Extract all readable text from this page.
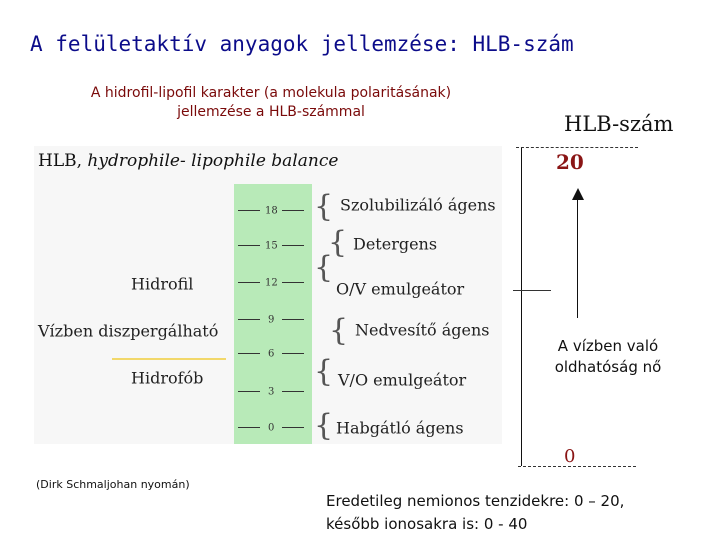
A felületaktív anyagok jellemzése: HLB-szám
A hidrofil-lipofil karakter (a molekula polaritásának) jellemzése a HLB-számmal
HLB, hydrophile- lipophile balance
18
15
12
9
6
3
0
Hidrofil
Vízben diszpergálható
Hidrofób
{ Szolubilizáló ágens
{ Detergens
{
O/V emulgeátor
{ Nedvesítő ágens
{ V/O emulgeátor
{ Habgátló ágens
(Dirk Schmaljohan nyomán)
HLB-szám
20
A vízben való
oldhatóság nő
0
Eredetileg nemionos tenzidekre: 0 – 20,
később ionosakra is: 0 - 40
